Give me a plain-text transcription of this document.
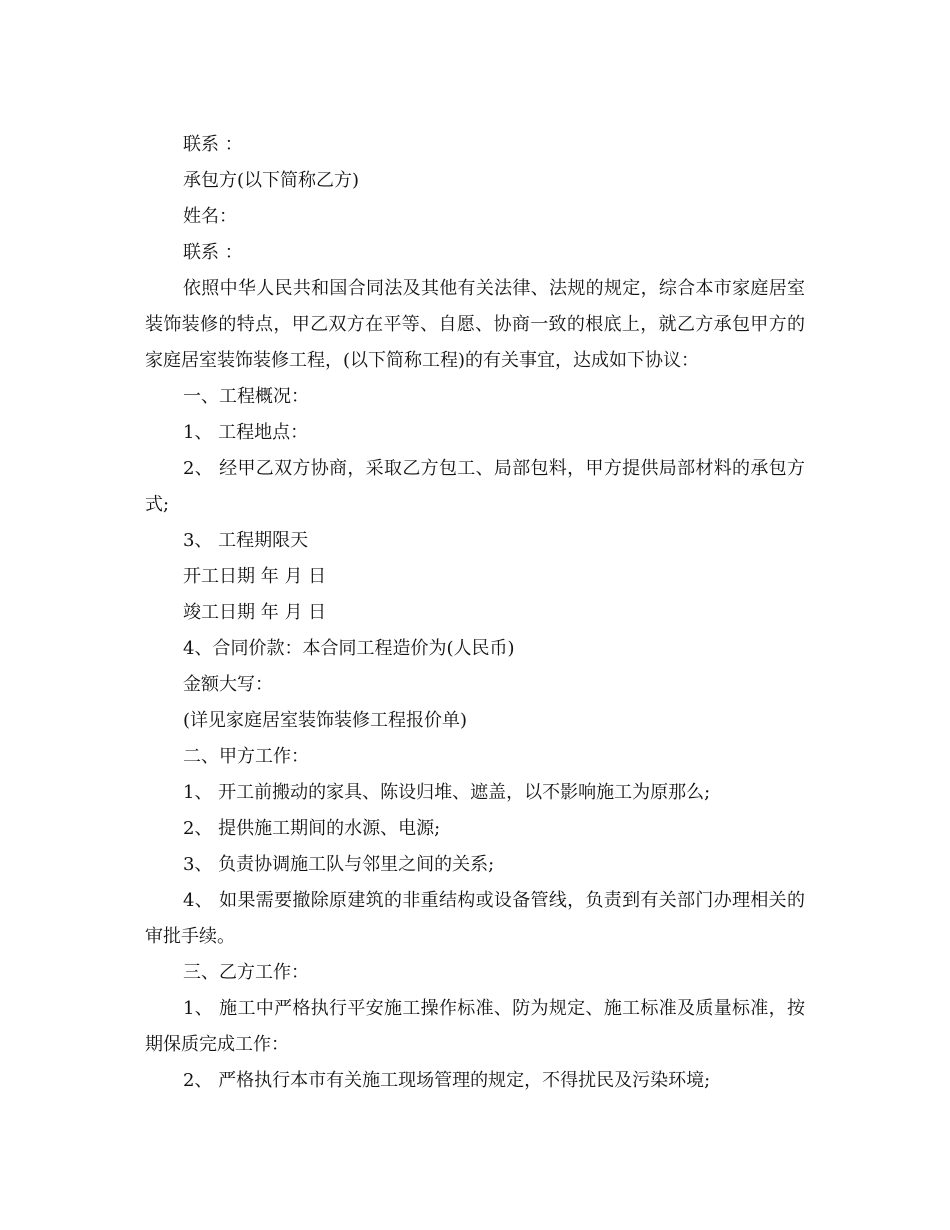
联系 ：

承包方(以下简称乙方)

姓名：

联系 ：

依照中华人民共和国合同法及其他有关法律、法规的规定，综合本市家庭居室装饰装修的特点，甲乙双方在平等、自愿、协商一致的根底上，就乙方承包甲方的家庭居室装饰装修工程，(以下简称工程)的有关事宜，达成如下协议：

一、工程概况：

1、 工程地点：

2、 经甲乙双方协商，采取乙方包工、局部包料，甲方提供局部材料的承包方式;

3、 工程期限天

开工日期 年 月 日

竣工日期 年 月 日

4、合同价款：本合同工程造价为(人民币)

金额大写：

(详见家庭居室装饰装修工程报价单)

二、甲方工作：

1、 开工前搬动的家具、陈设归堆、遮盖，以不影响施工为原那么;

2、 提供施工期间的水源、电源;

3、 负责协调施工队与邻里之间的关系;

4、 如果需要撤除原建筑的非重结构或设备管线，负责到有关部门办理相关的审批手续。

三、乙方工作：

1、 施工中严格执行平安施工操作标准、防为规定、施工标准及质量标准，按期保质完成工作：

2、 严格执行本市有关施工现场管理的规定，不得扰民及污染环境;
